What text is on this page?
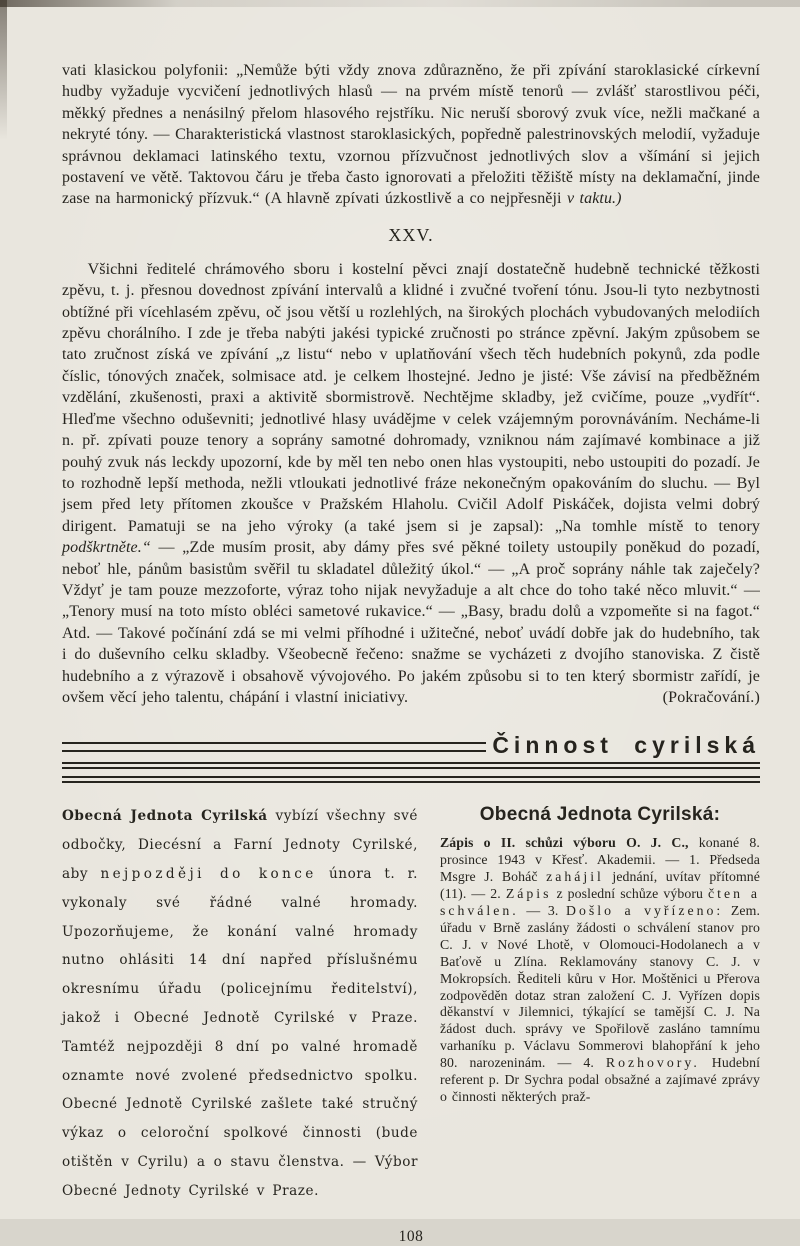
vati klasickou polyfonii: „Nemůže býti vždy znova zdůrazněno, že při zpívání staroklasické církevní hudby vyžaduje vycvičení jednotlivých hlasů — na prvém místě tenorů — zvlášť starostlivou péči, měkký přednes a nenásilný přelom hlasového rejstříku. Nic neruší sborový zvuk více, nežli mačkané a nekryté tóny. — Charakteristická vlastnost staroklasických, popředně palestrinovských melodií, vyžaduje správnou deklamaci latinského textu, vzornou přízvučnost jednotlivých slov a všímání si jejich postavení ve větě. Taktovou čáru je třeba často ignorovati a přeložiti těžiště místy na deklamační, jinde zase na harmonický přízvuk.“ (A hlavně zpívati úzkostlivě a co nejpřesněji v taktu.)

XXV.

Všichni ředitelé chrámového sboru i kostelní pěvci znají dostatečně hudebně technické těžkosti zpěvu, t. j. přesnou dovednost zpívání intervalů a klidné i zvučné tvoření tónu. Jsou-li tyto nezbytnosti obtížné při vícehlasém zpěvu, oč jsou větší u rozlehlých, na širokých plochách vybudovaných melodiích zpěvu chorálního. I zde je třeba nabýti jakési typické zručnosti po stránce zpěvní. Jakým způsobem se tato zručnost získá ve zpívání „z listu“ nebo v uplatňování všech těch hudebních pokynů, zda podle číslic, tónových značek, solmisace atd. je celkem lhostejné. Jedno je jisté: Vše závisí na předběžném vzdělání, zkušenosti, praxi a aktivitě sbormistrově. Nechtějme skladby, jež cvičíme, pouze „vydřít“. Hleďme všechno oduševniti; jednotlivé hlasy uvádějme v celek vzájemným porovnáváním. Necháme-li n. př. zpívati pouze tenory a soprány samotné dohromady, vzniknou nám zajímavé kombinace a již pouhý zvuk nás leckdy upozorní, kde by měl ten nebo onen hlas vystoupiti, nebo ustoupiti do pozadí. Je to rozhodně lepší methoda, nežli vtloukati jednotlivé fráze nekonečným opakováním do sluchu. — Byl jsem před lety přítomen zkoušce v Pražském Hlaholu. Cvičil Adolf Piskáček, dojista velmi dobrý dirigent. Pamatuji se na jeho výroky (a také jsem si je zapsal): „Na tomhle místě to tenory podškrtněte.“ — „Zde musím prosit, aby dámy přes své pěkné toilety ustoupily poněkud do pozadí, neboť hle, pánům basistům svěřil tu skladatel důležitý úkol.“ — „A proč soprány náhle tak zaječely? Vždyť je tam pouze mezzoforte, výraz toho nijak nevyžaduje a alt chce do toho také něco mluvit.“ — „Tenory musí na toto místo obléci sametové rukavice.“ — „Basy, bradu dolů a vzpomeňte si na fagot.“ Atd. — Takové počínání zdá se mi velmi příhodné i užitečné, neboť uvádí dobře jak do hudebního, tak i do duševního celku skladby. Všeobecně řečeno: snažme se vycházeti z dvojího stanoviska. Z čistě hudebního a z výrazově i obsahově vývojového. Po jakém způsobu si to ten který sbormistr zařídí, je ovšem věcí jeho talentu, chápání i vlastní iniciativy.	(Pokračování.)

Činnost cyrilská

Obecná Jednota Cyrilská vybízí všechny své odbočky, Diecésní a Farní Jednoty Cyrilské, aby nejpozději do konce února t. r. vykonaly své řádné valné hromady. Upozorňujeme, že konání valné hromady nutno ohlásiti 14 dní napřed příslušnému okresnímu úřadu (policejnímu ředitelství), jakož i Obecné Jednotě Cyrilské v Praze. Tamtéž nejpozději 8 dní po valné hromadě oznamte nové zvolené předsednictvo spolku. Obecné Jednotě Cyrilské zašlete také stručný výkaz o celoroční spolkové činnosti (bude otištěn v Cyrilu) a o stavu členstva. — Výbor Obecné Jednoty Cyrilské v Praze.

Obecná Jednota Cyrilská:

Zápis o II. schůzi výboru O. J. C., konané 8. prosince 1943 v Křesť. Akademii. — 1. Předseda Msgre J. Boháč zahájil jednání, uvítav přítomné (11). — 2. Zápis z poslední schůze výboru čten a schválen. — 3. Došlo a vyřízeno: Zem. úřadu v Brně zaslány žádosti o schválení stanov pro C. J. v Nové Lhotě, v Olomouci-Hodolanech a v Baťově u Zlína. Reklamovány stanovy C. J. v Mokropsích. Řediteli kůru v Hor. Moštěnici u Přerova zodpověděn dotaz stran založení C. J. Vyřízen dopis děkanství v Jilemnici, týkající se tamější C. J. Na žádost duch. správy ve Spořilově zasláno tamnímu varhaníku p. Václavu Sommerovi blahopřání k jeho 80. narozeninám. — 4. Rozhovory. Hudební referent p. Dr Sychra podal obsažné a zajímavé zprávy o činnosti některých praž-

108
